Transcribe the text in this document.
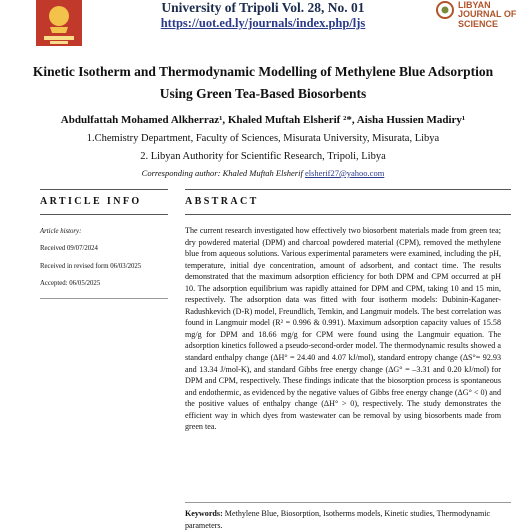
University of Tripoli Vol. 28, No. 01
https://uot.ed.ly/journals/index.php/ljs
LIBYAN
JOURNAL OF SCIENCE
Kinetic Isotherm and Thermodynamic Modelling of Methylene Blue Adsorption
Using Green Tea-Based Biosorbents
Abdulfattah Mohamed Alkherraz¹, Khaled Muftah Elsherif ²*, Aisha Hussien Madiry¹
1.Chemistry Department, Faculty of Sciences, Misurata University, Misurata, Libya
2. Libyan Authority for Scientific Research, Tripoli, Libya
Corresponding author: Khaled Muftah Elsherif elsherif27@yahoo.com
ARTICLE INFO	ABSTRACT
Article history:
Received 09/07/2024
Received in revised form 06/03/2025
Accepted: 06/05/2025
The current research investigated how effectively two biosorbent materials made from green tea; dry powdered material (DPM) and charcoal powdered material (CPM), removed the methylene blue from aqueous solutions. Various experimental parameters were examined, including the pH, temperature, initial dye concentration, amount of adsorbent, and contact time. The results demonstrated that the maximum adsorption efficiency for both DPM and CPM occurred at pH 10. The adsorption equilibrium was rapidly attained for DPM and CPM, taking 10 and 15 min, respectively. The adsorption data was fitted with four isotherm models: Dubinin-Kaganer-Radushkevich (D-R) model, Freundlich, Temkin, and Langmuir models. The best correlation was found in Langmuir model (R² = 0.996 & 0.991). Maximum adsorption capacity values of 15.58 mg/g for DPM and 18.66 mg/g for CPM were found using the Langmuir equation. The adsorption kinetics followed a pseudo-second-order model. The thermodynamic results showed a standard enthalpy change (ΔH° = 24.40 and 4.07 kJ/mol), standard entropy change (ΔS°= 92.93 and 13.34 J/mol-K), and standard Gibbs free energy change (ΔG° = –3.31 and 0.20 kJ/mol) for DPM and CPM, respectively. These findings indicate that the biosorption process is spontaneous and endothermic, as evidenced by the negative values of Gibbs free energy change (ΔG° < 0) and the positive values of enthalpy change (ΔH° > 0), respectively. The study demonstrates the efficient way in which dyes from wastewater can be removal by using biosorbents made from green tea.
Keywords: Methylene Blue, Biosorption, Isotherms models, Kinetic studies, Thermodynamic parameters.
